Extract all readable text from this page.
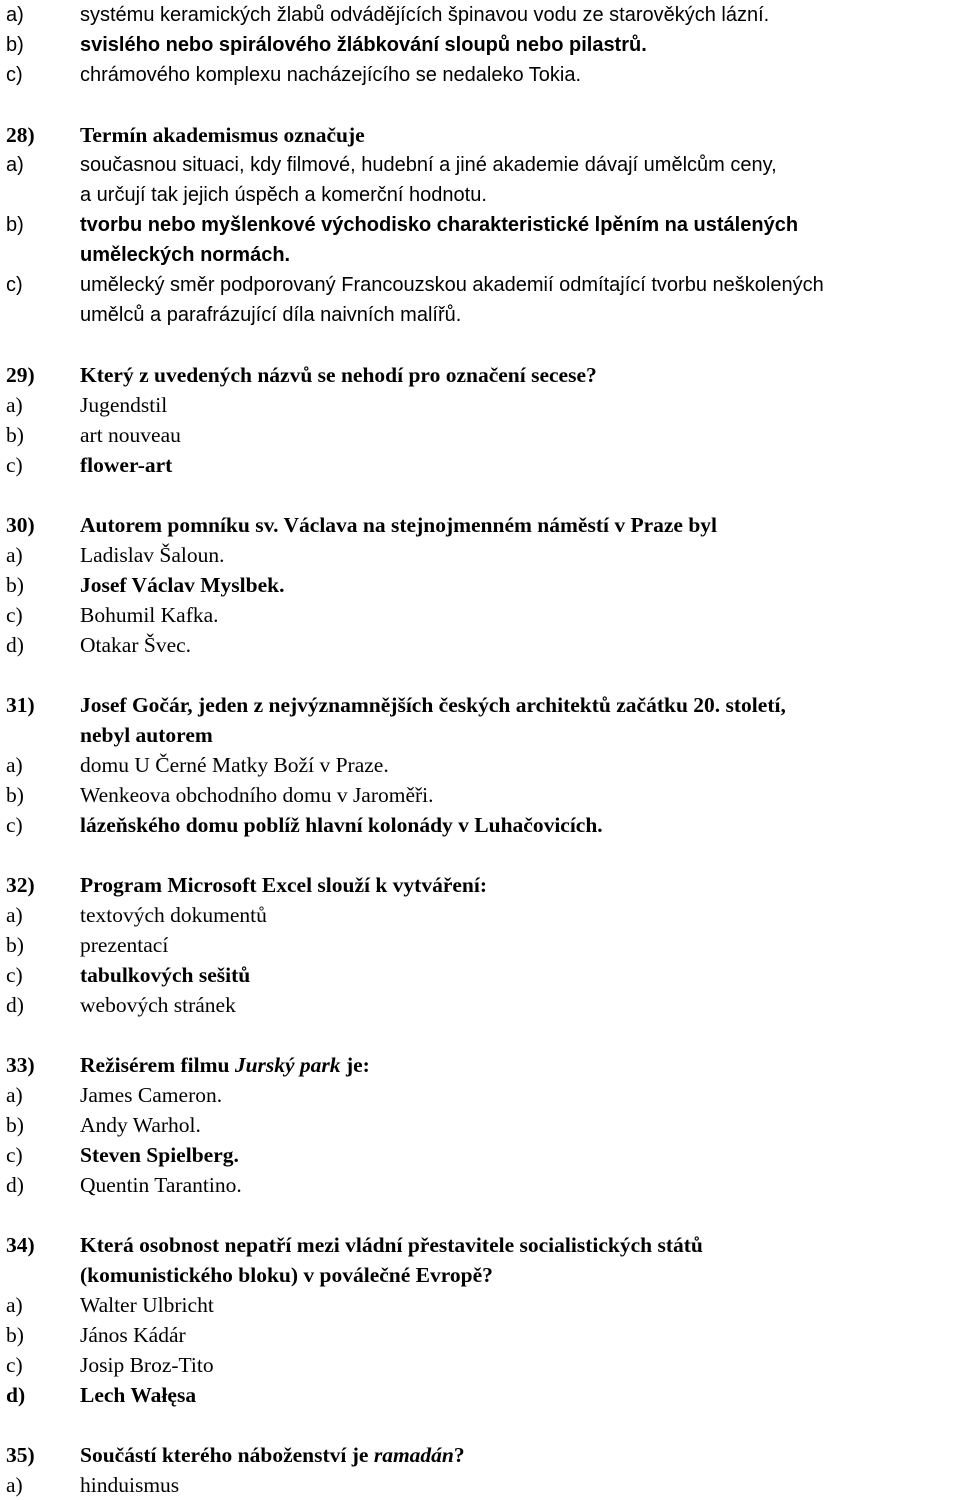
a)	systému keramických žlabů odvádějících špinavou vodu ze starověkých lázní.
b)	svislého nebo spirálového žlábkování sloupů nebo pilastrů.
c)	chrámového komplexu nacházejícího se nedaleko Tokia.
28)	Termín akademismus označuje
a)	současnou situaci, kdy filmové, hudební a jiné akademie dávají umělcům ceny,
a určují tak jejich úspěch a komerční hodnotu.
b)	tvorbu nebo myšlenkové východisko charakteristické lpěním na ustálených
uměleckých normách.
c)	umělecký směr podporovaný Francouzskou akademií odmítající tvorbu neškolených
umělců a parafrázující díla naivních malířů.
29)	Který z uvedených názvů se nehodí pro označení secese?
a)	Jugendstil
b)	art nouveau
c)	flower-art
30)	Autorem pomníku sv. Václava na stejnojmenném náměstí v Praze byl
a)	Ladislav Šaloun.
b)	Josef Václav Myslbek.
c)	Bohumil Kafka.
d)	Otakar Švec.
31)	Josef Gočár, jeden z nejvýznamnějších českých architektů začátku 20. století,
nebyl autorem
a)	domu U Černé Matky Boží v Praze.
b)	Wenkeova obchodního domu v Jaroměři.
c)	lázeňského domu poblíž hlavní kolonády v Luhačovicích.
32)	Program Microsoft Excel slouží k vytváření:
a)	textových dokumentů
b)	prezentací
c)	tabulkových sešitů
d)	webových stránek
33)	Režisérem filmu Jurský park je:
a)	James Cameron.
b)	Andy Warhol.
c)	Steven Spielberg.
d)	Quentin Tarantino.
34)	Která osobnost nepatří mezi vládní přestavitele socialistických států
(komunistického bloku) v poválečné Evropě?
a)	Walter Ulbricht
b)	János Kádár
c)	Josip Broz-Tito
d)	Lech Wałęsa
35)	Součástí kterého náboženství je ramadán?
a)	hinduismus
